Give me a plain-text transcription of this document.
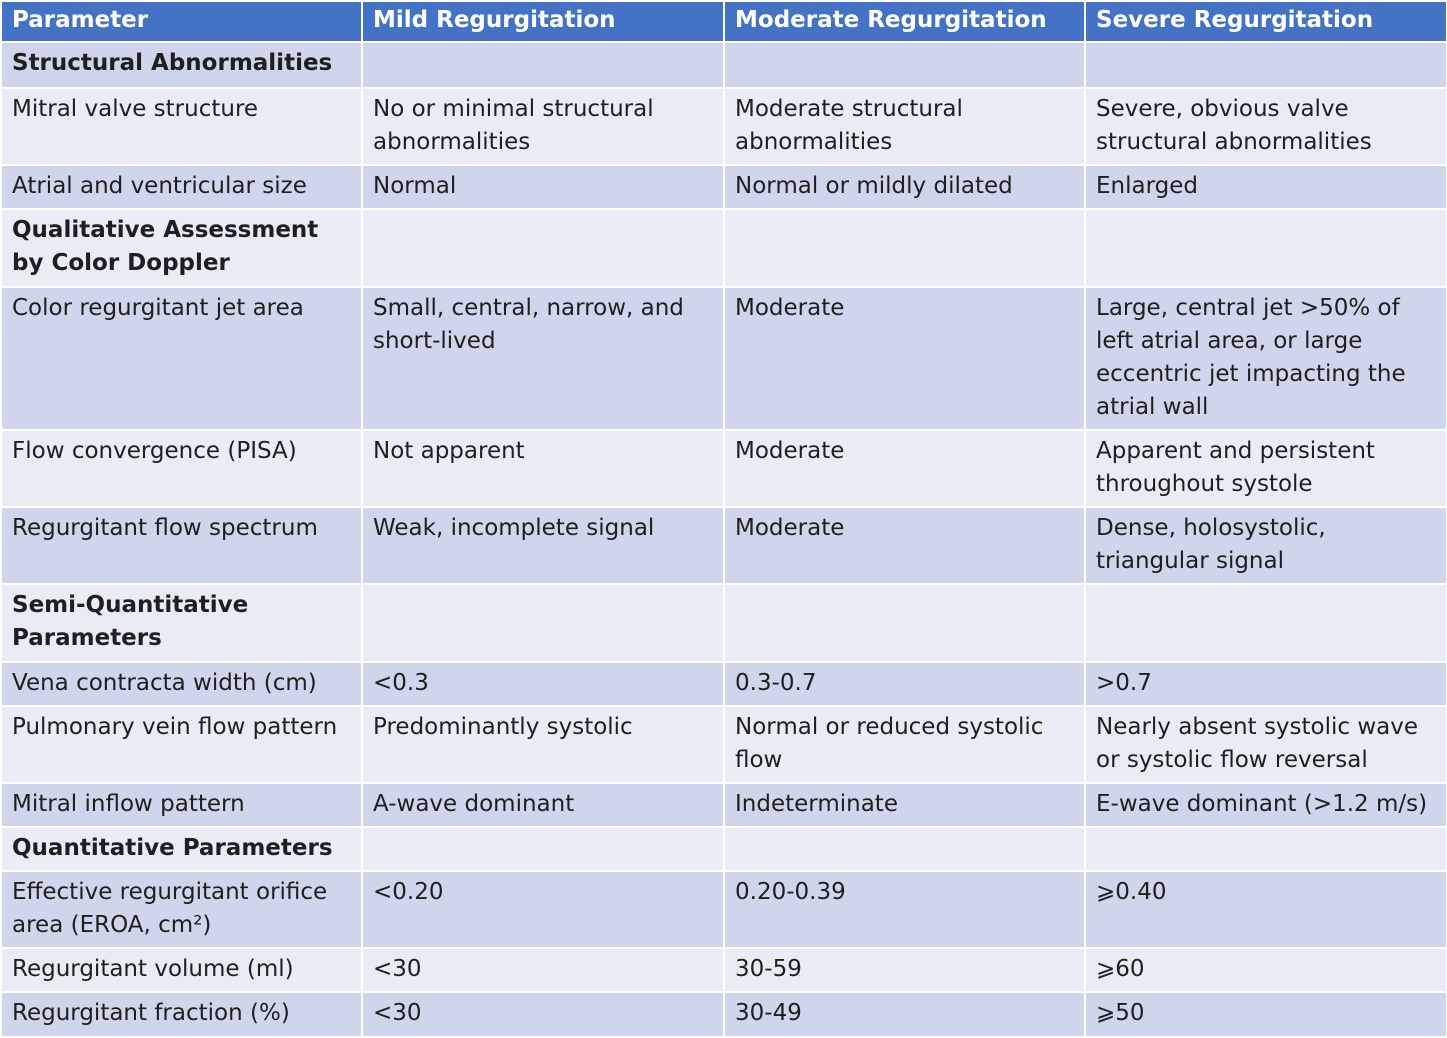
Parameter	Mild Regurgitation	Moderate Regurgitation	Severe Regurgitation
Structural Abnormalities			
Mitral valve structure	No or minimal structural abnormalities	Moderate structural abnormalities	Severe, obvious valve structural abnormalities
Atrial and ventricular size	Normal	Normal or mildly dilated	Enlarged
Qualitative Assessment by Color Doppler			
Color regurgitant jet area	Small, central, narrow, and short-lived	Moderate	Large, central jet >50% of left atrial area, or large eccentric jet impacting the atrial wall
Flow convergence (PISA)	Not apparent	Moderate	Apparent and persistent throughout systole
Regurgitant flow spectrum	Weak, incomplete signal	Moderate	Dense, holosystolic, triangular signal
Semi-Quantitative Parameters			
Vena contracta width (cm)	<0.3	0.3-0.7	>0.7
Pulmonary vein flow pattern	Predominantly systolic	Normal or reduced systolic flow	Nearly absent systolic wave or systolic flow reversal
Mitral inflow pattern	A-wave dominant	Indeterminate	E-wave dominant (>1.2 m/s)
Quantitative Parameters			
Effective regurgitant orifice area (EROA, cm²)	<0.20	0.20-0.39	⩾0.40
Regurgitant volume (ml)	<30	30-59	⩾60
Regurgitant fraction (%)	<30	30-49	⩾50
